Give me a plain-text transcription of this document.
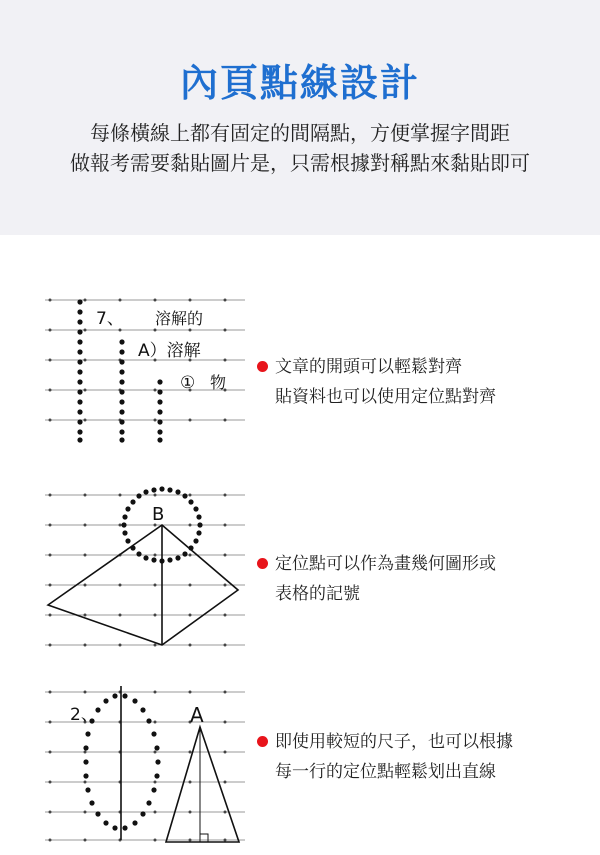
內頁點線設計
每條橫線上都有固定的間隔點，方便掌握字間距
做報考需要黏貼圖片是，只需根據對稱點來黏貼即可
7、 溶解的
A）溶解
① 物
文章的開頭可以輕鬆對齊
貼資料也可以使用定位點對齊
B
定位點可以作為畫幾何圖形或
表格的記號
2、	A
即使用較短的尺子，也可以根據
每一行的定位點輕鬆划出直線
